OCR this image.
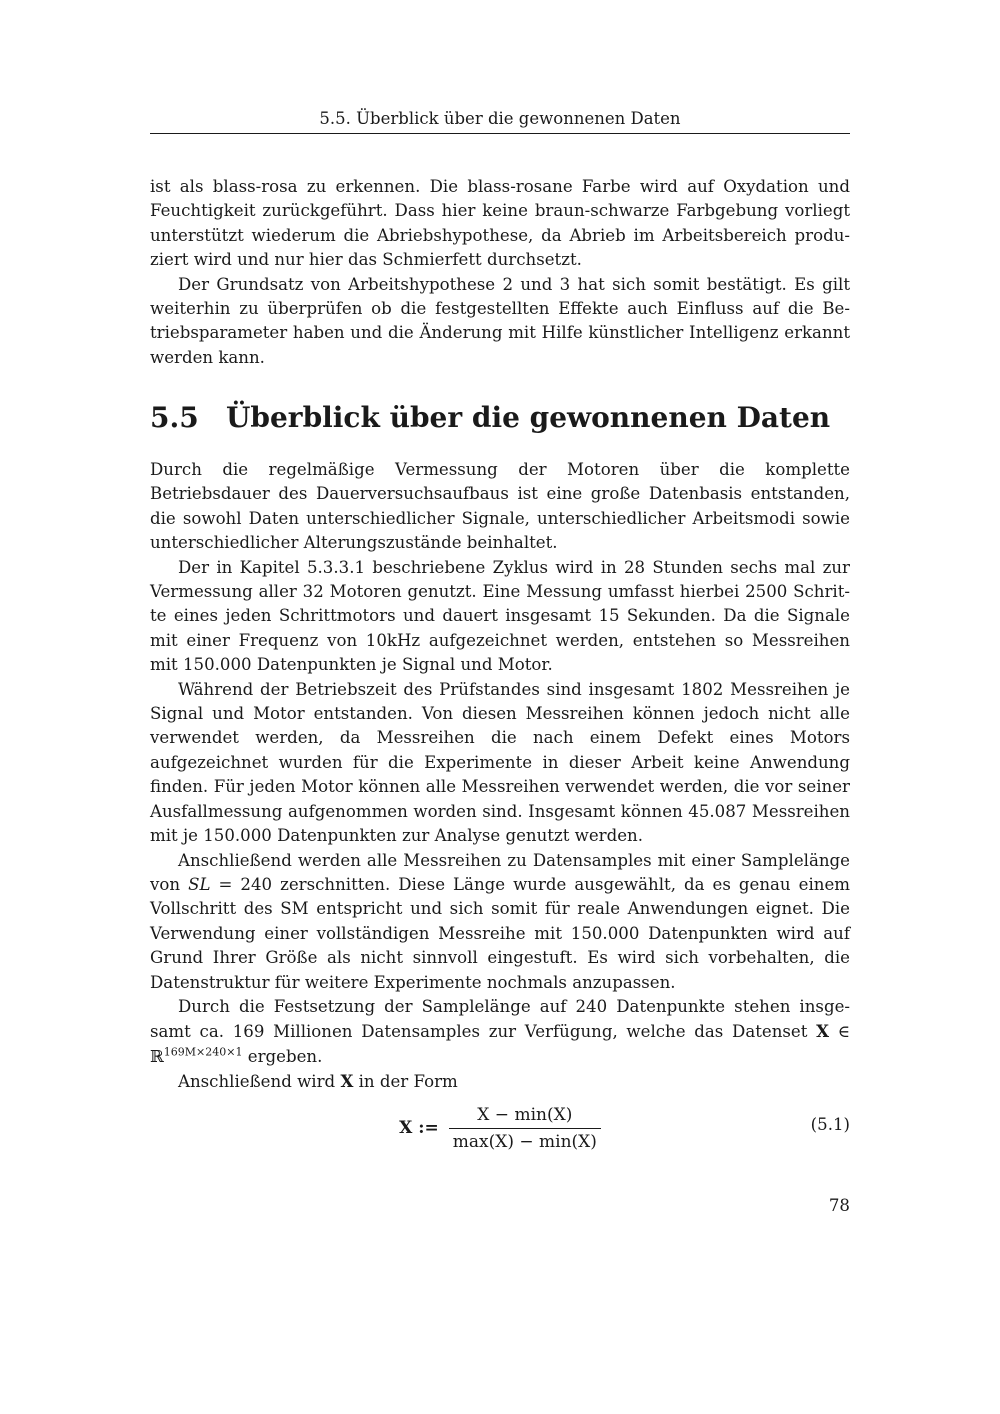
5.5. Überblick über die gewonnenen Daten

ist als blass-rosa zu erkennen. Die blass-rosane Farbe wird auf Oxydation und Feuchtigkeit zurückgeführt. Dass hier keine braun-schwarze Farbgebung vorliegt unterstützt wiederum die Abriebshypothese, da Abrieb im Arbeitsbereich produziert wird und nur hier das Schmierfett durchsetzt.

Der Grundsatz von Arbeitshypothese 2 und 3 hat sich somit bestätigt. Es gilt weiterhin zu überprüfen ob die festgestellten Effekte auch Einfluss auf die Betriebsparameter haben und die Änderung mit Hilfe künstlicher Intelligenz erkannt werden kann.

5.5 Überblick über die gewonnenen Daten

Durch die regelmäßige Vermessung der Motoren über die komplette Betriebsdauer des Dauerversuchsaufbaus ist eine große Datenbasis entstanden, die sowohl Daten unterschiedlicher Signale, unterschiedlicher Arbeitsmodi sowie unterschiedlicher Alterungszustände beinhaltet.

Der in Kapitel 5.3.3.1 beschriebene Zyklus wird in 28 Stunden sechs mal zur Vermessung aller 32 Motoren genutzt. Eine Messung umfasst hierbei 2500 Schritte eines jeden Schrittmotors und dauert insgesamt 15 Sekunden. Da die Signale mit einer Frequenz von 10kHz aufgezeichnet werden, entstehen so Messreihen mit 150.000 Datenpunkten je Signal und Motor.

Während der Betriebszeit des Prüfstandes sind insgesamt 1802 Messreihen je Signal und Motor entstanden. Von diesen Messreihen können jedoch nicht alle verwendet werden, da Messreihen die nach einem Defekt eines Motors aufgezeichnet wurden für die Experimente in dieser Arbeit keine Anwendung finden. Für jeden Motor können alle Messreihen verwendet werden, die vor seiner Ausfallmessung aufgenommen worden sind. Insgesamt können 45.087 Messreihen mit je 150.000 Datenpunkten zur Analyse genutzt werden.

Anschließend werden alle Messreihen zu Datensamples mit einer Samplelänge von SL = 240 zerschnitten. Diese Länge wurde ausgewählt, da es genau einem Vollschritt des SM entspricht und sich somit für reale Anwendungen eignet. Die Verwendung einer vollständigen Messreihe mit 150.000 Datenpunkten wird auf Grund Ihrer Größe als nicht sinnvoll eingestuft. Es wird sich vorbehalten, die Datenstruktur für weitere Experimente nochmals anzupassen.

Durch die Festsetzung der Samplelänge auf 240 Datenpunkte stehen insgesamt ca. 169 Millionen Datensamples zur Verfügung, welche das Datenset X ∈ ℝ$^{169M\times 240\times 1}$ ergeben.

Anschließend wird X in der Form

X := $\frac{X - \min(X)}{\max(X) - \min(X)}$	(5.1)
78
